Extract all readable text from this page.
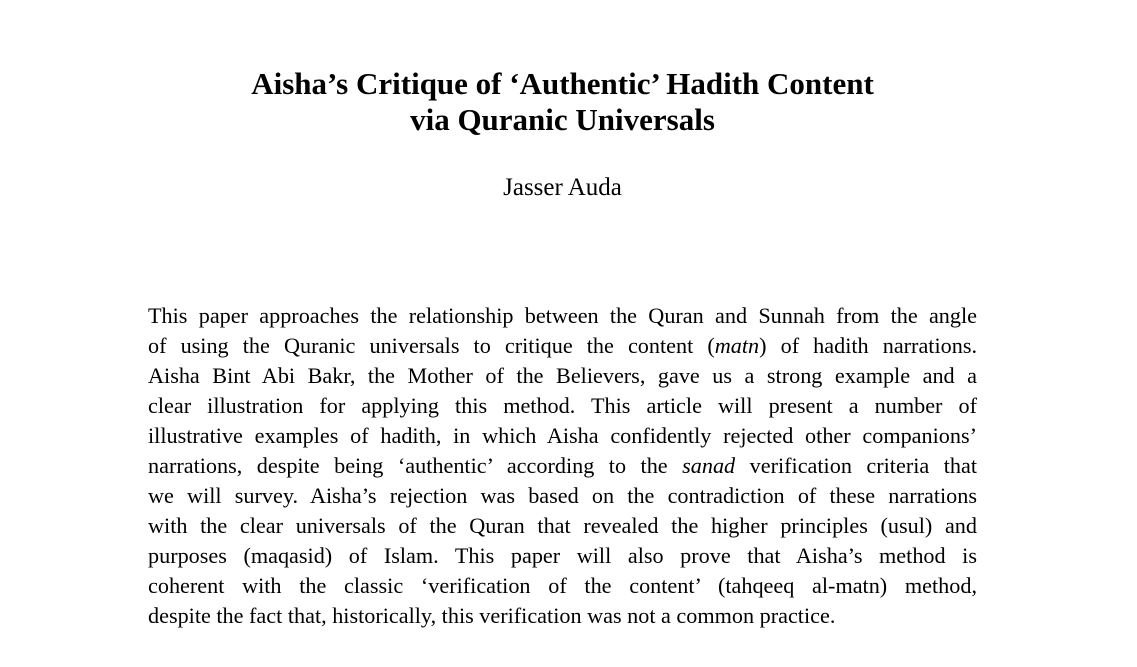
Aisha’s Critique of ‘Authentic’ Hadith Content
via Quranic Universals
Jasser Auda

This paper approaches the relationship between the Quran and Sunnah from the angle
of using the Quranic universals to critique the content (matn) of hadith narrations.
Aisha Bint Abi Bakr, the Mother of the Believers, gave us a strong example and a
clear illustration for applying this method. This article will present a number of
illustrative examples of hadith, in which Aisha confidently rejected other companions’
narrations, despite being ‘authentic’ according to the sanad verification criteria that
we will survey. Aisha’s rejection was based on the contradiction of these narrations
with the clear universals of the Quran that revealed the higher principles (usul) and
purposes (maqasid) of Islam. This paper will also prove that Aisha’s method is
coherent with the classic ‘verification of the content’ (tahqeeq al-matn) method,
despite the fact that, historically, this verification was not a common practice.
